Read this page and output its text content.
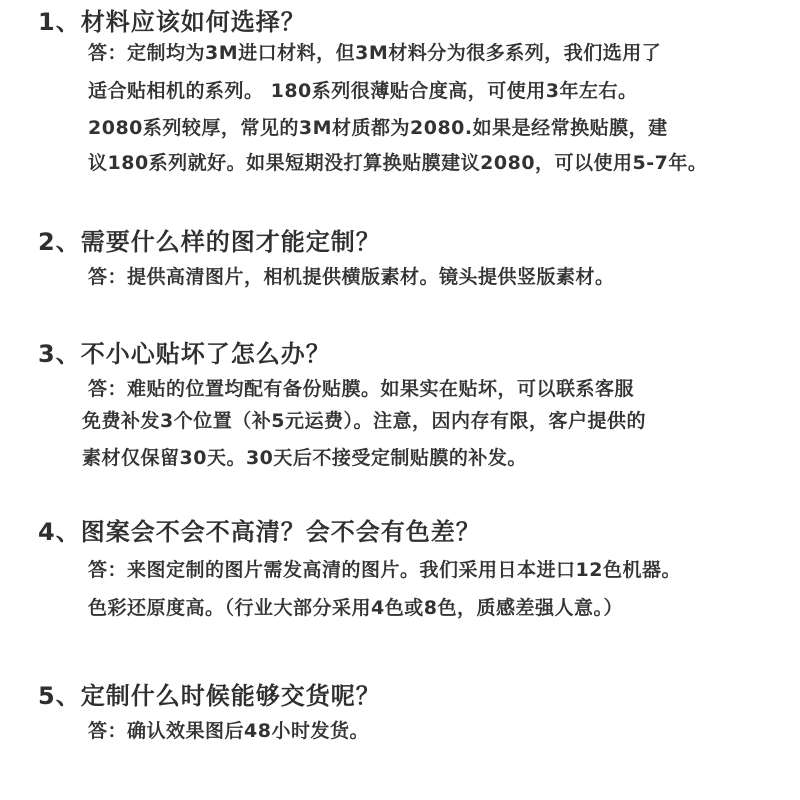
1、材料应该如何选择？

答：定制均为3M进口材料，但3M材料分为很多系列，我们选用了

适合贴相机的系列。 180系列很薄贴合度高，可使用3年左右。

2080系列较厚，常见的3M材质都为2080.如果是经常换贴膜，建

议180系列就好。如果短期没打算换贴膜建议2080，可以使用5-7年。

2、需要什么样的图才能定制？

答：提供高清图片，相机提供横版素材。镜头提供竖版素材。

3、不小心贴坏了怎么办？

答：难贴的位置均配有备份贴膜。如果实在贴坏，可以联系客服

免费补发3个位置（补5元运费）。注意，因内存有限，客户提供的

素材仅保留30天。30天后不接受定制贴膜的补发。

4、图案会不会不高清？会不会有色差？

答：来图定制的图片需发高清的图片。我们采用日本进口12色机器。

色彩还原度高。（行业大部分采用4色或8色，质感差强人意。）

5、定制什么时候能够交货呢？

答：确认效果图后48小时发货。
